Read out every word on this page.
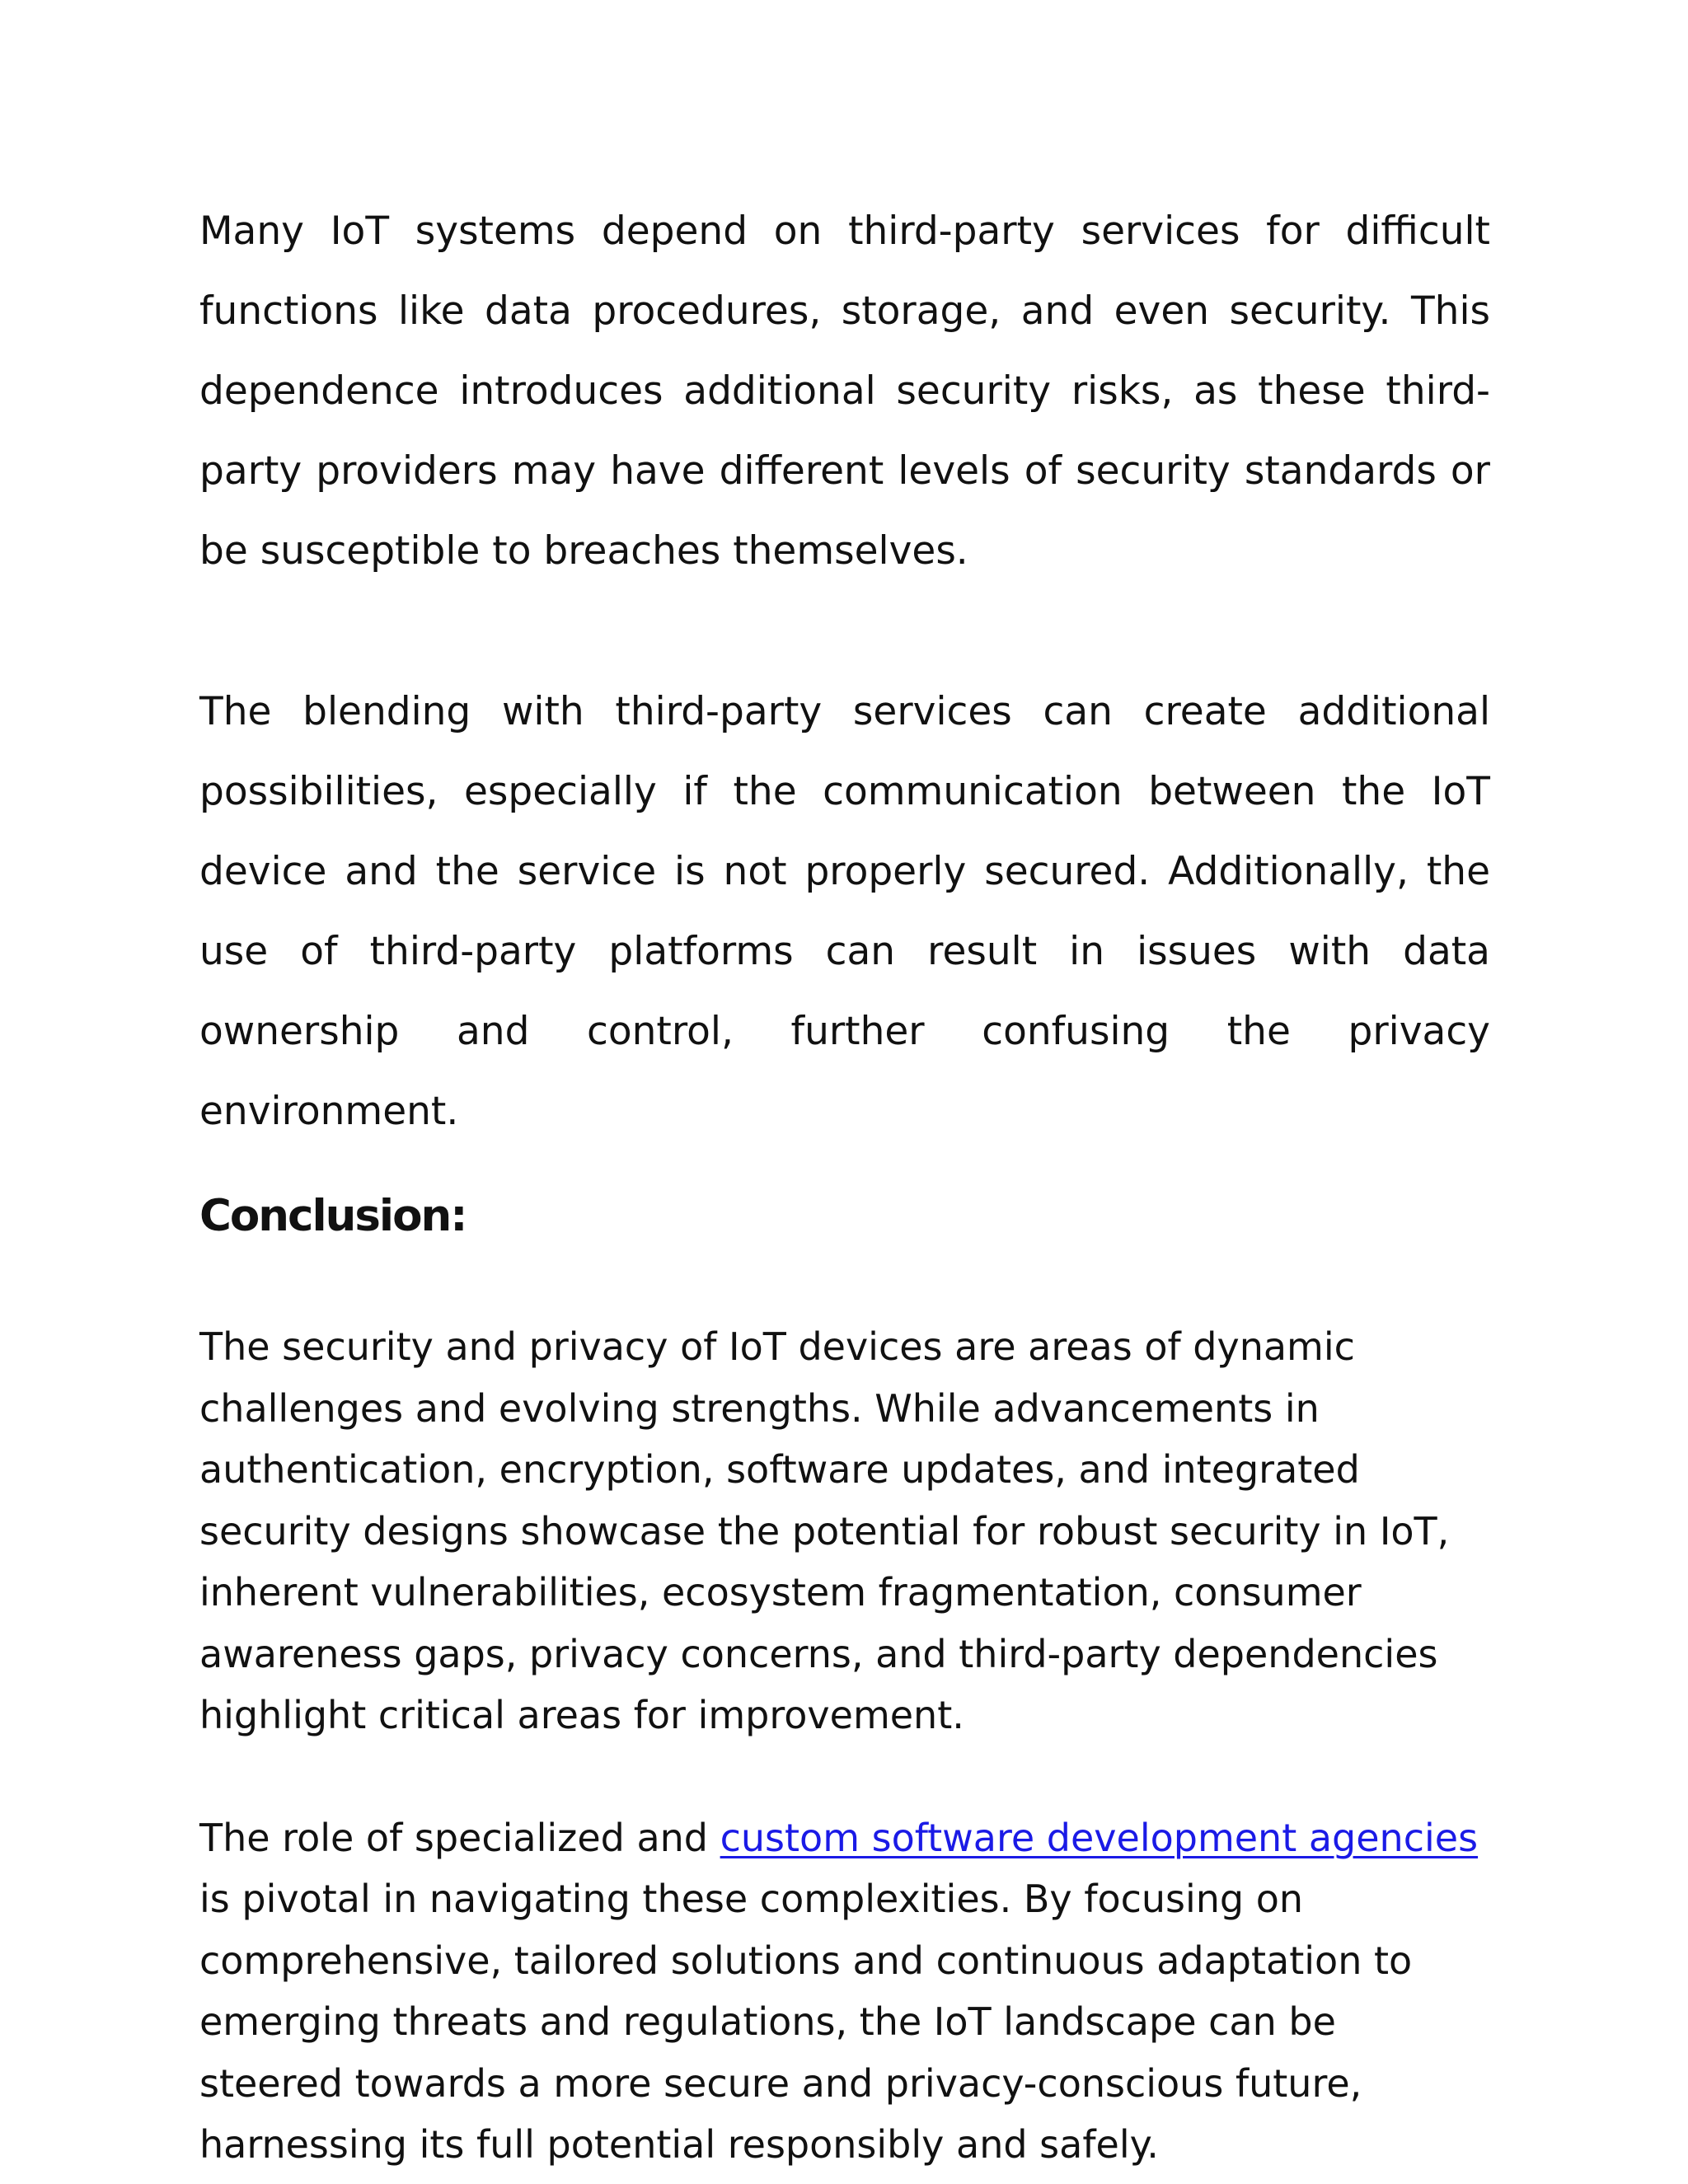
Many IoT systems depend on third-party services for difficult functions like data procedures, storage, and even security. This dependence introduces additional security risks, as these third-party providers may have different levels of security standards or be susceptible to breaches themselves.

The blending with third-party services can create additional possibilities, especially if the communication between the IoT device and the service is not properly secured. Additionally, the use of third-party platforms can result in issues with data ownership and control, further confusing the privacy environment.

Conclusion:

The security and privacy of IoT devices are areas of dynamic challenges and evolving strengths. While advancements in authentication, encryption, software updates, and integrated security designs showcase the potential for robust security in IoT, inherent vulnerabilities, ecosystem fragmentation, consumer awareness gaps, privacy concerns, and third-party dependencies highlight critical areas for improvement.

The role of specialized and custom software development agencies is pivotal in navigating these complexities. By focusing on comprehensive, tailored solutions and continuous adaptation to emerging threats and regulations, the IoT landscape can be steered towards a more secure and privacy-conscious future, harnessing its full potential responsibly and safely.
